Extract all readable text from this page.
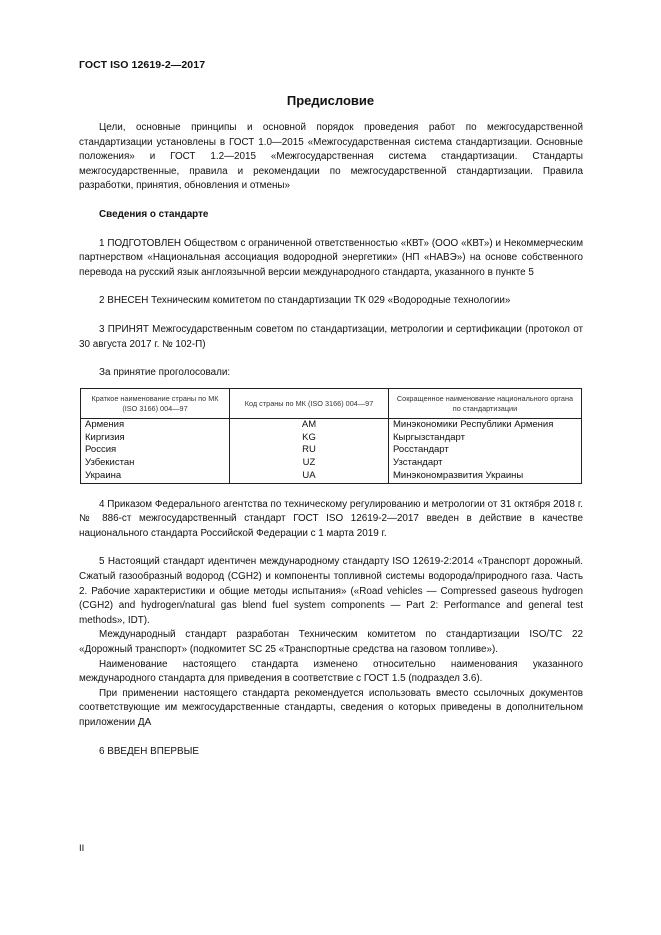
ГОСТ ISO 12619-2—2017
Предисловие

Цели, основные принципы и основной порядок проведения работ по межгосударственной стандартизации установлены в ГОСТ 1.0—2015 «Межгосударственная система стандартизации. Основные положения» и ГОСТ 1.2—2015 «Межгосударственная система стандартизации. Стандарты межгосударственные, правила и рекомендации по межгосударственной стандартизации. Правила разработки, принятия, обновления и отмены»

Сведения о стандарте

1 ПОДГОТОВЛЕН Обществом с ограниченной ответственностью «КВТ» (ООО «КВТ») и Некоммерческим партнерством «Национальная ассоциация водородной энергетики» (НП «НАВЭ») на основе собственного перевода на русский язык англоязычной версии международного стандарта, указанного в пункте 5

2 ВНЕСЕН Техническим комитетом по стандартизации ТК 029 «Водородные технологии»

3 ПРИНЯТ Межгосударственным советом по стандартизации, метрологии и сертификации (протокол от 30 августа 2017 г. № 102-П)

За принятие проголосовали:

Краткое наименование страны по МК (ISO 3166) 004—97	Код страны по МК (ISO 3166) 004—97	Сокращенное наименование национального органа по стандартизации
Армения	AM	Минэкономики Республики Армения
Киргизия	KG	Кыргызстандарт
Россия	RU	Росстандарт
Узбекистан	UZ	Узстандарт
Украина	UA	Минэкономразвития Украины

4 Приказом Федерального агентства по техническому регулированию и метрологии от 31 октября 2018 г. № 886-ст межгосударственный стандарт ГОСТ ISO 12619-2—2017 введен в действие в качестве национального стандарта Российской Федерации с 1 марта 2019 г.

5 Настоящий стандарт идентичен международному стандарту ISO 12619-2:2014 «Транспорт дорожный. Сжатый газообразный водород (CGH2) и компоненты топливной системы водорода/природного газа. Часть 2. Рабочие характеристики и общие методы испытания» («Road vehicles — Compressed gaseous hydrogen (CGH2) and hydrogen/natural gas blend fuel system components — Part 2: Performance and general test methods», IDT).

Международный стандарт разработан Техническим комитетом по стандартизации ISO/TC 22 «Дорожный транспорт» (подкомитет SC 25 «Транспортные средства на газовом топливе»).

Наименование настоящего стандарта изменено относительно наименования указанного международного стандарта для приведения в соответствие с ГОСТ 1.5 (подраздел 3.6).

При применении настоящего стандарта рекомендуется использовать вместо ссылочных документов соответствующие им межгосударственные стандарты, сведения о которых приведены в дополнительном приложении ДА

6 ВВЕДЕН ВПЕРВЫЕ

II
